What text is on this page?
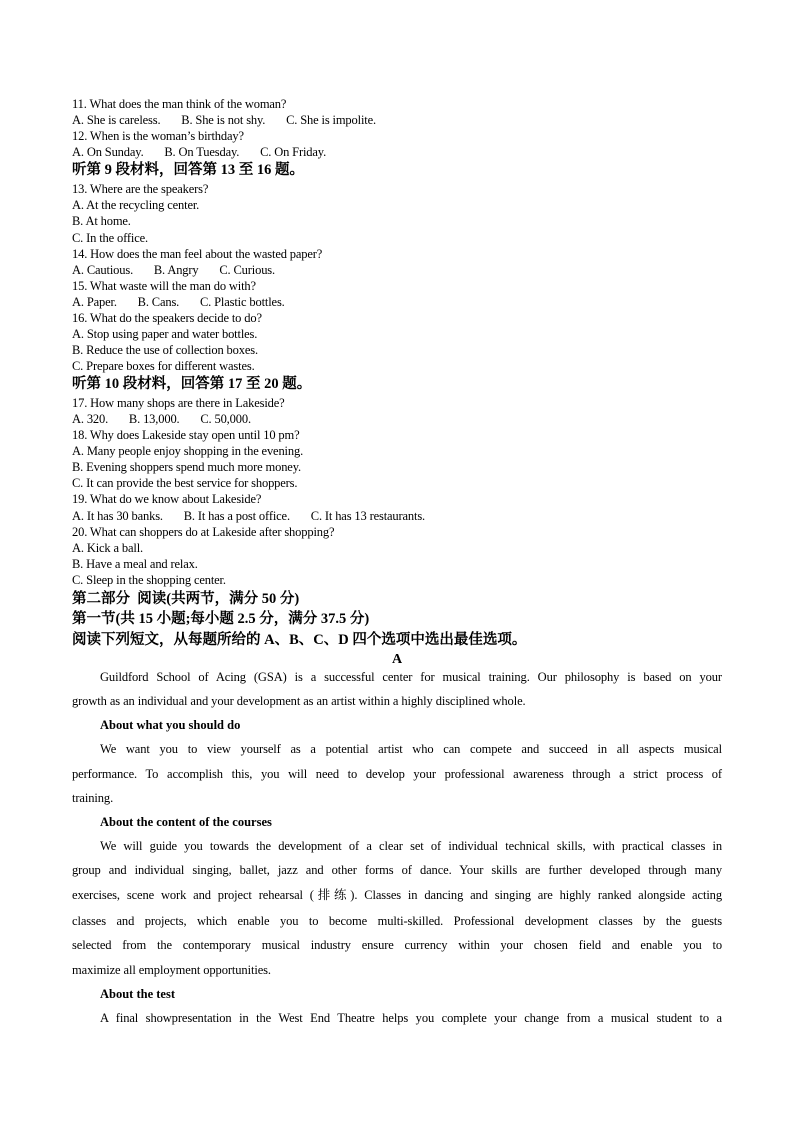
11. What does the man think of the woman?
A. She is careless.       B. She is not shy.       C. She is impolite.
12. When is the woman’s birthday?
A. On Sunday.       B. On Tuesday.       C. On Friday.
听第 9 段材料，回答第 13 至 16 题。
13. Where are the speakers?
A. At the recycling center.
B. At home.
C. In the office.
14. How does the man feel about the wasted paper?
A. Cautious.       B. Angry       C. Curious.
15. What waste will the man do with?
A. Paper.       B. Cans.       C. Plastic bottles.
16. What do the speakers decide to do?
A. Stop using paper and water bottles.
B. Reduce the use of collection boxes.
C. Prepare boxes for different wastes.
听第 10 段材料，回答第 17 至 20 题。
17. How many shops are there in Lakeside?
A. 320.       B. 13,000.       C. 50,000.
18. Why does Lakeside stay open until 10 pm?
A. Many people enjoy shopping in the evening.
B. Evening shoppers spend much more money.
C. It can provide the best service for shoppers.
19. What do we know about Lakeside?
A. It has 30 banks.       B. It has a post office.       C. It has 13 restaurants.
20. What can shoppers do at Lakeside after shopping?
A. Kick a ball.
B. Have a meal and relax.
C. Sleep in the shopping center.
第二部分  阅读(共两节，满分 50 分)
第一节(共 15 小题;每小题 2.5 分，满分 37.5 分)
阅读下列短文，从每题所给的 A、B、C、D 四个选项中选出最佳选项。
A
Guildford School of Acing (GSA) is a successful center for musical training. Our philosophy is based on your
growth as an individual and your development as an artist within a highly disciplined whole.
About what you should do
We want you to view yourself as a potential artist who can compete and succeed in all aspects musical
performance. To accomplish this, you will need to develop your professional awareness through a strict process of
training.
About the content of the courses
We will guide you towards the development of a clear set of individual technical skills, with practical classes in
group and individual singing, ballet, jazz and other forms of dance. Your skills are further developed through many
exercises, scene work and project rehearsal (排练). Classes in dancing and singing are highly ranked alongside acting
classes and projects, which enable you to become multi-skilled. Professional development classes by the guests
selected from the contemporary musical industry ensure currency within your chosen field and enable you to
maximize all employment opportunities.
About the test
A final showpresentation in the West End Theatre helps you complete your change from a musical student to a
